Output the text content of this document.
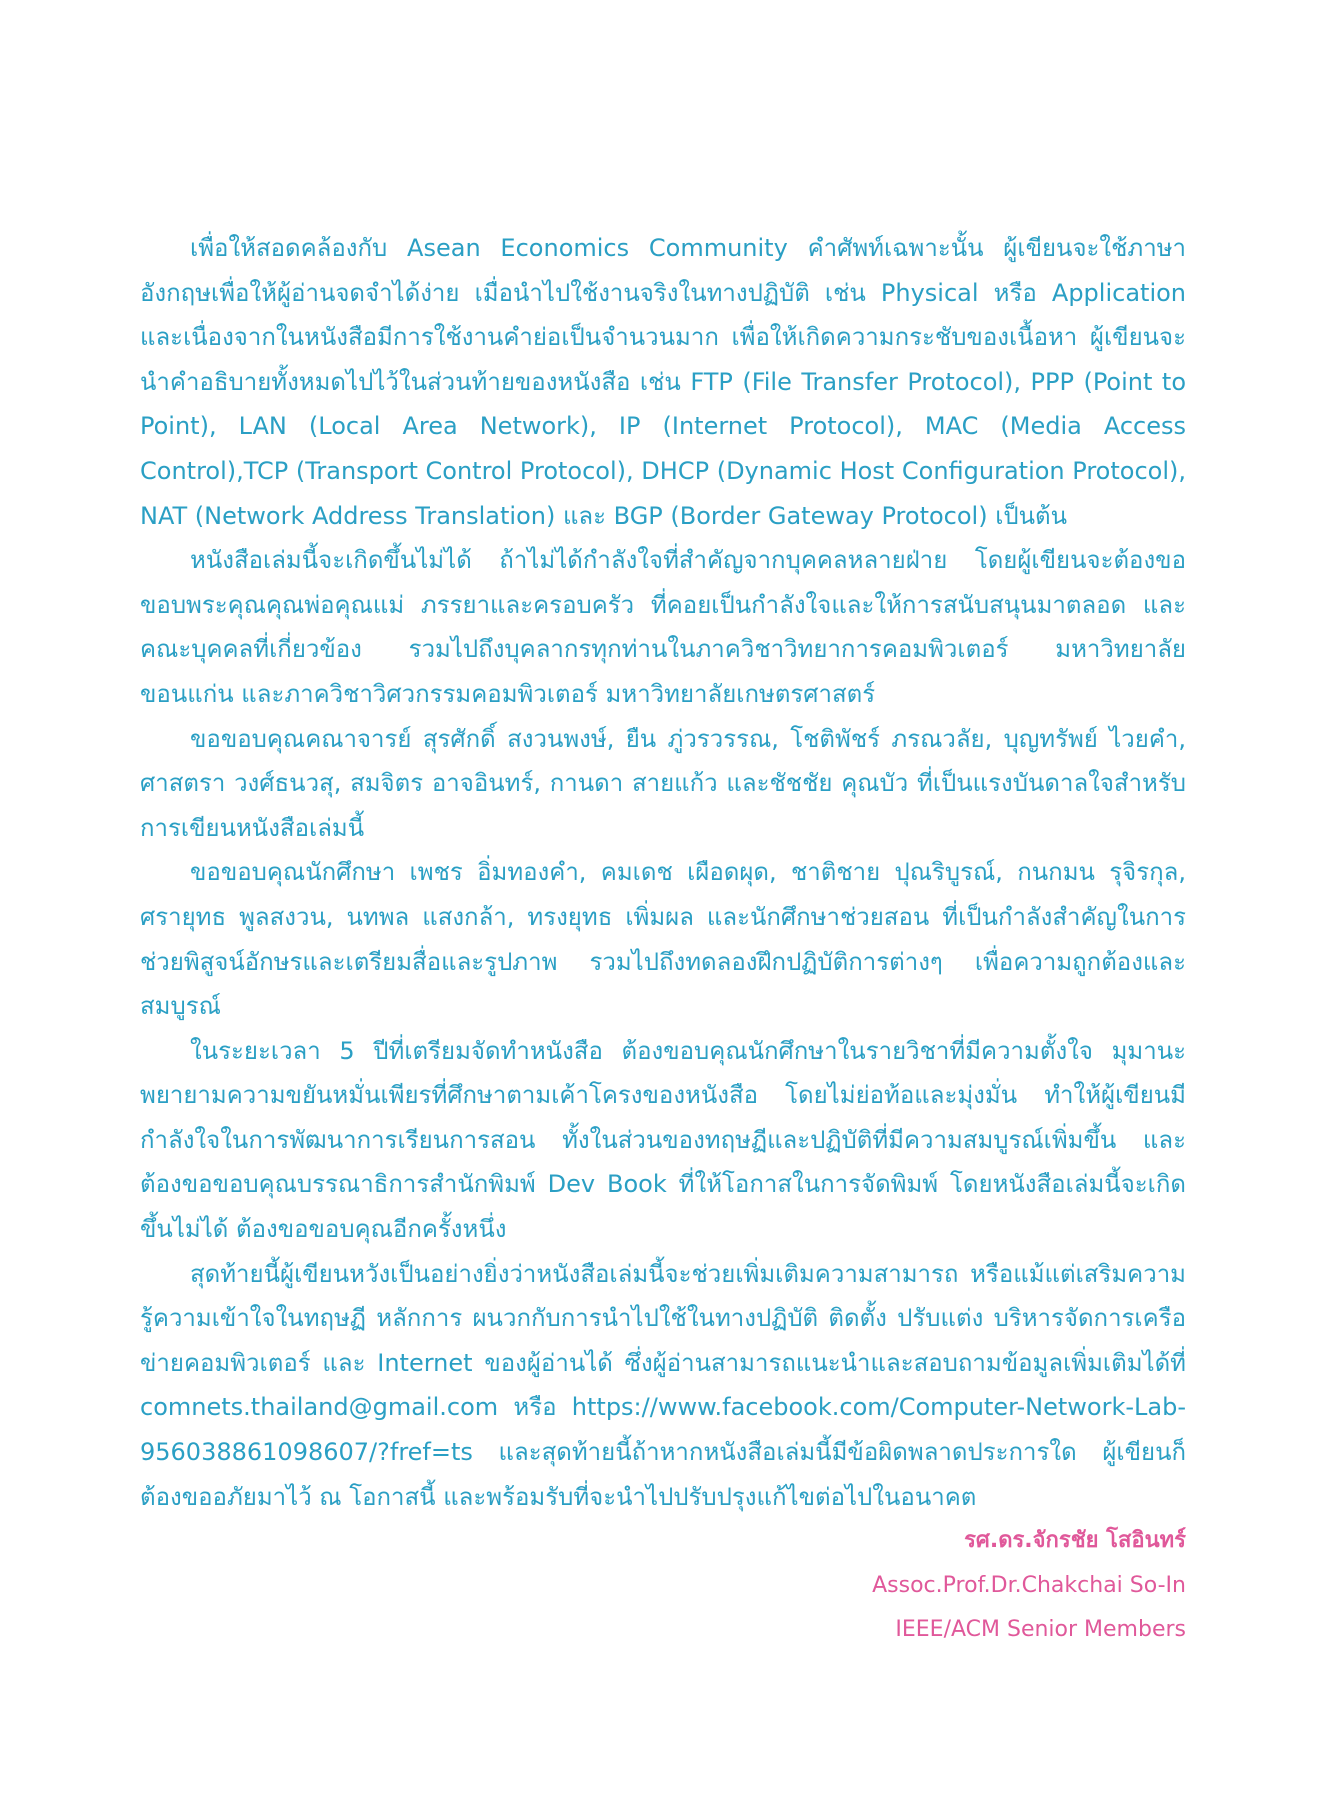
เพื่อให้สอดคล้องกับ Asean Economics Community คำศัพท์เฉพาะนั้น ผู้เขียนจะใช้ภาษาอังกฤษเพื่อให้ผู้อ่านจดจำได้ง่าย เมื่อนำไปใช้งานจริงในทางปฏิบัติ เช่น Physical หรือ Application และเนื่องจากในหนังสือมีการใช้งานคำย่อเป็นจำนวนมาก เพื่อให้เกิดความกระชับของเนื้อหา ผู้เขียนจะนำคำอธิบายทั้งหมดไปไว้ในส่วนท้ายของหนังสือ เช่น FTP (File Transfer Protocol), PPP (Point to Point), LAN (Local Area Network), IP (Internet Protocol), MAC (Media Access Control),TCP (Transport Control Protocol), DHCP (Dynamic Host Configuration Protocol), NAT (Network Address Translation) และ BGP (Border Gateway Protocol) เป็นต้น

หนังสือเล่มนี้จะเกิดขึ้นไม่ได้ ถ้าไม่ได้กำลังใจที่สำคัญจากบุคคลหลายฝ่าย โดยผู้เขียนจะต้องขอขอบพระคุณคุณพ่อคุณแม่ ภรรยาและครอบครัว ที่คอยเป็นกำลังใจและให้การสนับสนุนมาตลอด และคณะบุคคลที่เกี่ยวข้อง รวมไปถึงบุคลากรทุกท่านในภาควิชาวิทยาการคอมพิวเตอร์ มหาวิทยาลัยขอนแก่น และภาควิชาวิศวกรรมคอมพิวเตอร์ มหาวิทยาลัยเกษตรศาสตร์

ขอขอบคุณคณาจารย์ สุรศักดิ์ สงวนพงษ์, ยืน ภู่วรวรรณ, โชติพัชร์ ภรณวลัย, บุญทรัพย์ ไวยคำ, ศาสตรา วงศ์ธนวสุ, สมจิตร อาจอินทร์, กานดา สายแก้ว และชัชชัย คุณบัว ที่เป็นแรงบันดาลใจสำหรับการเขียนหนังสือเล่มนี้

ขอขอบคุณนักศึกษา เพชร อิ่มทองคำ, คมเดช เผือดผุด, ชาติชาย ปุณริบูรณ์, กนกมน รุจิรกุล, ศรายุทธ พูลสงวน, นทพล แสงกล้า, ทรงยุทธ เพิ่มผล และนักศึกษาช่วยสอน ที่เป็นกำลังสำคัญในการช่วยพิสูจน์อักษรและเตรียมสื่อและรูปภาพ รวมไปถึงทดลองฝึกปฏิบัติการต่างๆ เพื่อความถูกต้องและสมบูรณ์

ในระยะเวลา 5 ปีที่เตรียมจัดทำหนังสือ ต้องขอบคุณนักศึกษาในรายวิชาที่มีความตั้งใจ มุมานะพยายามความขยันหมั่นเพียรที่ศึกษาตามเค้าโครงของหนังสือ โดยไม่ย่อท้อและมุ่งมั่น ทำให้ผู้เขียนมีกำลังใจในการพัฒนาการเรียนการสอน ทั้งในส่วนของทฤษฏีและปฏิบัติที่มีความสมบูรณ์เพิ่มขึ้น และต้องขอขอบคุณบรรณาธิการสำนักพิมพ์ Dev Book ที่ให้โอกาสในการจัดพิมพ์ โดยหนังสือเล่มนี้จะเกิดขึ้นไม่ได้ ต้องขอขอบคุณอีกครั้งหนึ่ง

สุดท้ายนี้ผู้เขียนหวังเป็นอย่างยิ่งว่าหนังสือเล่มนี้จะช่วยเพิ่มเติมความสามารถ หรือแม้แต่เสริมความรู้ความเข้าใจในทฤษฏี หลักการ ผนวกกับการนำไปใช้ในทางปฏิบัติ ติดตั้ง ปรับแต่ง บริหารจัดการเครือข่ายคอมพิวเตอร์ และ Internet ของผู้อ่านได้ ซึ่งผู้อ่านสามารถแนะนำและสอบถามข้อมูลเพิ่มเติมได้ที่ comnets.thailand@gmail.com หรือ https://www.facebook.com/Computer-Network-Lab-956038861098607/?fref=ts และสุดท้ายนี้ถ้าหากหนังสือเล่มนี้มีข้อผิดพลาดประการใด ผู้เขียนก็ต้องขออภัยมาไว้ ณ โอกาสนี้ และพร้อมรับที่จะนำไปปรับปรุงแก้ไขต่อไปในอนาคต

รศ.ดร.จักรชัย โสอินทร์
Assoc.Prof.Dr.Chakchai So-In
IEEE/ACM Senior Members
